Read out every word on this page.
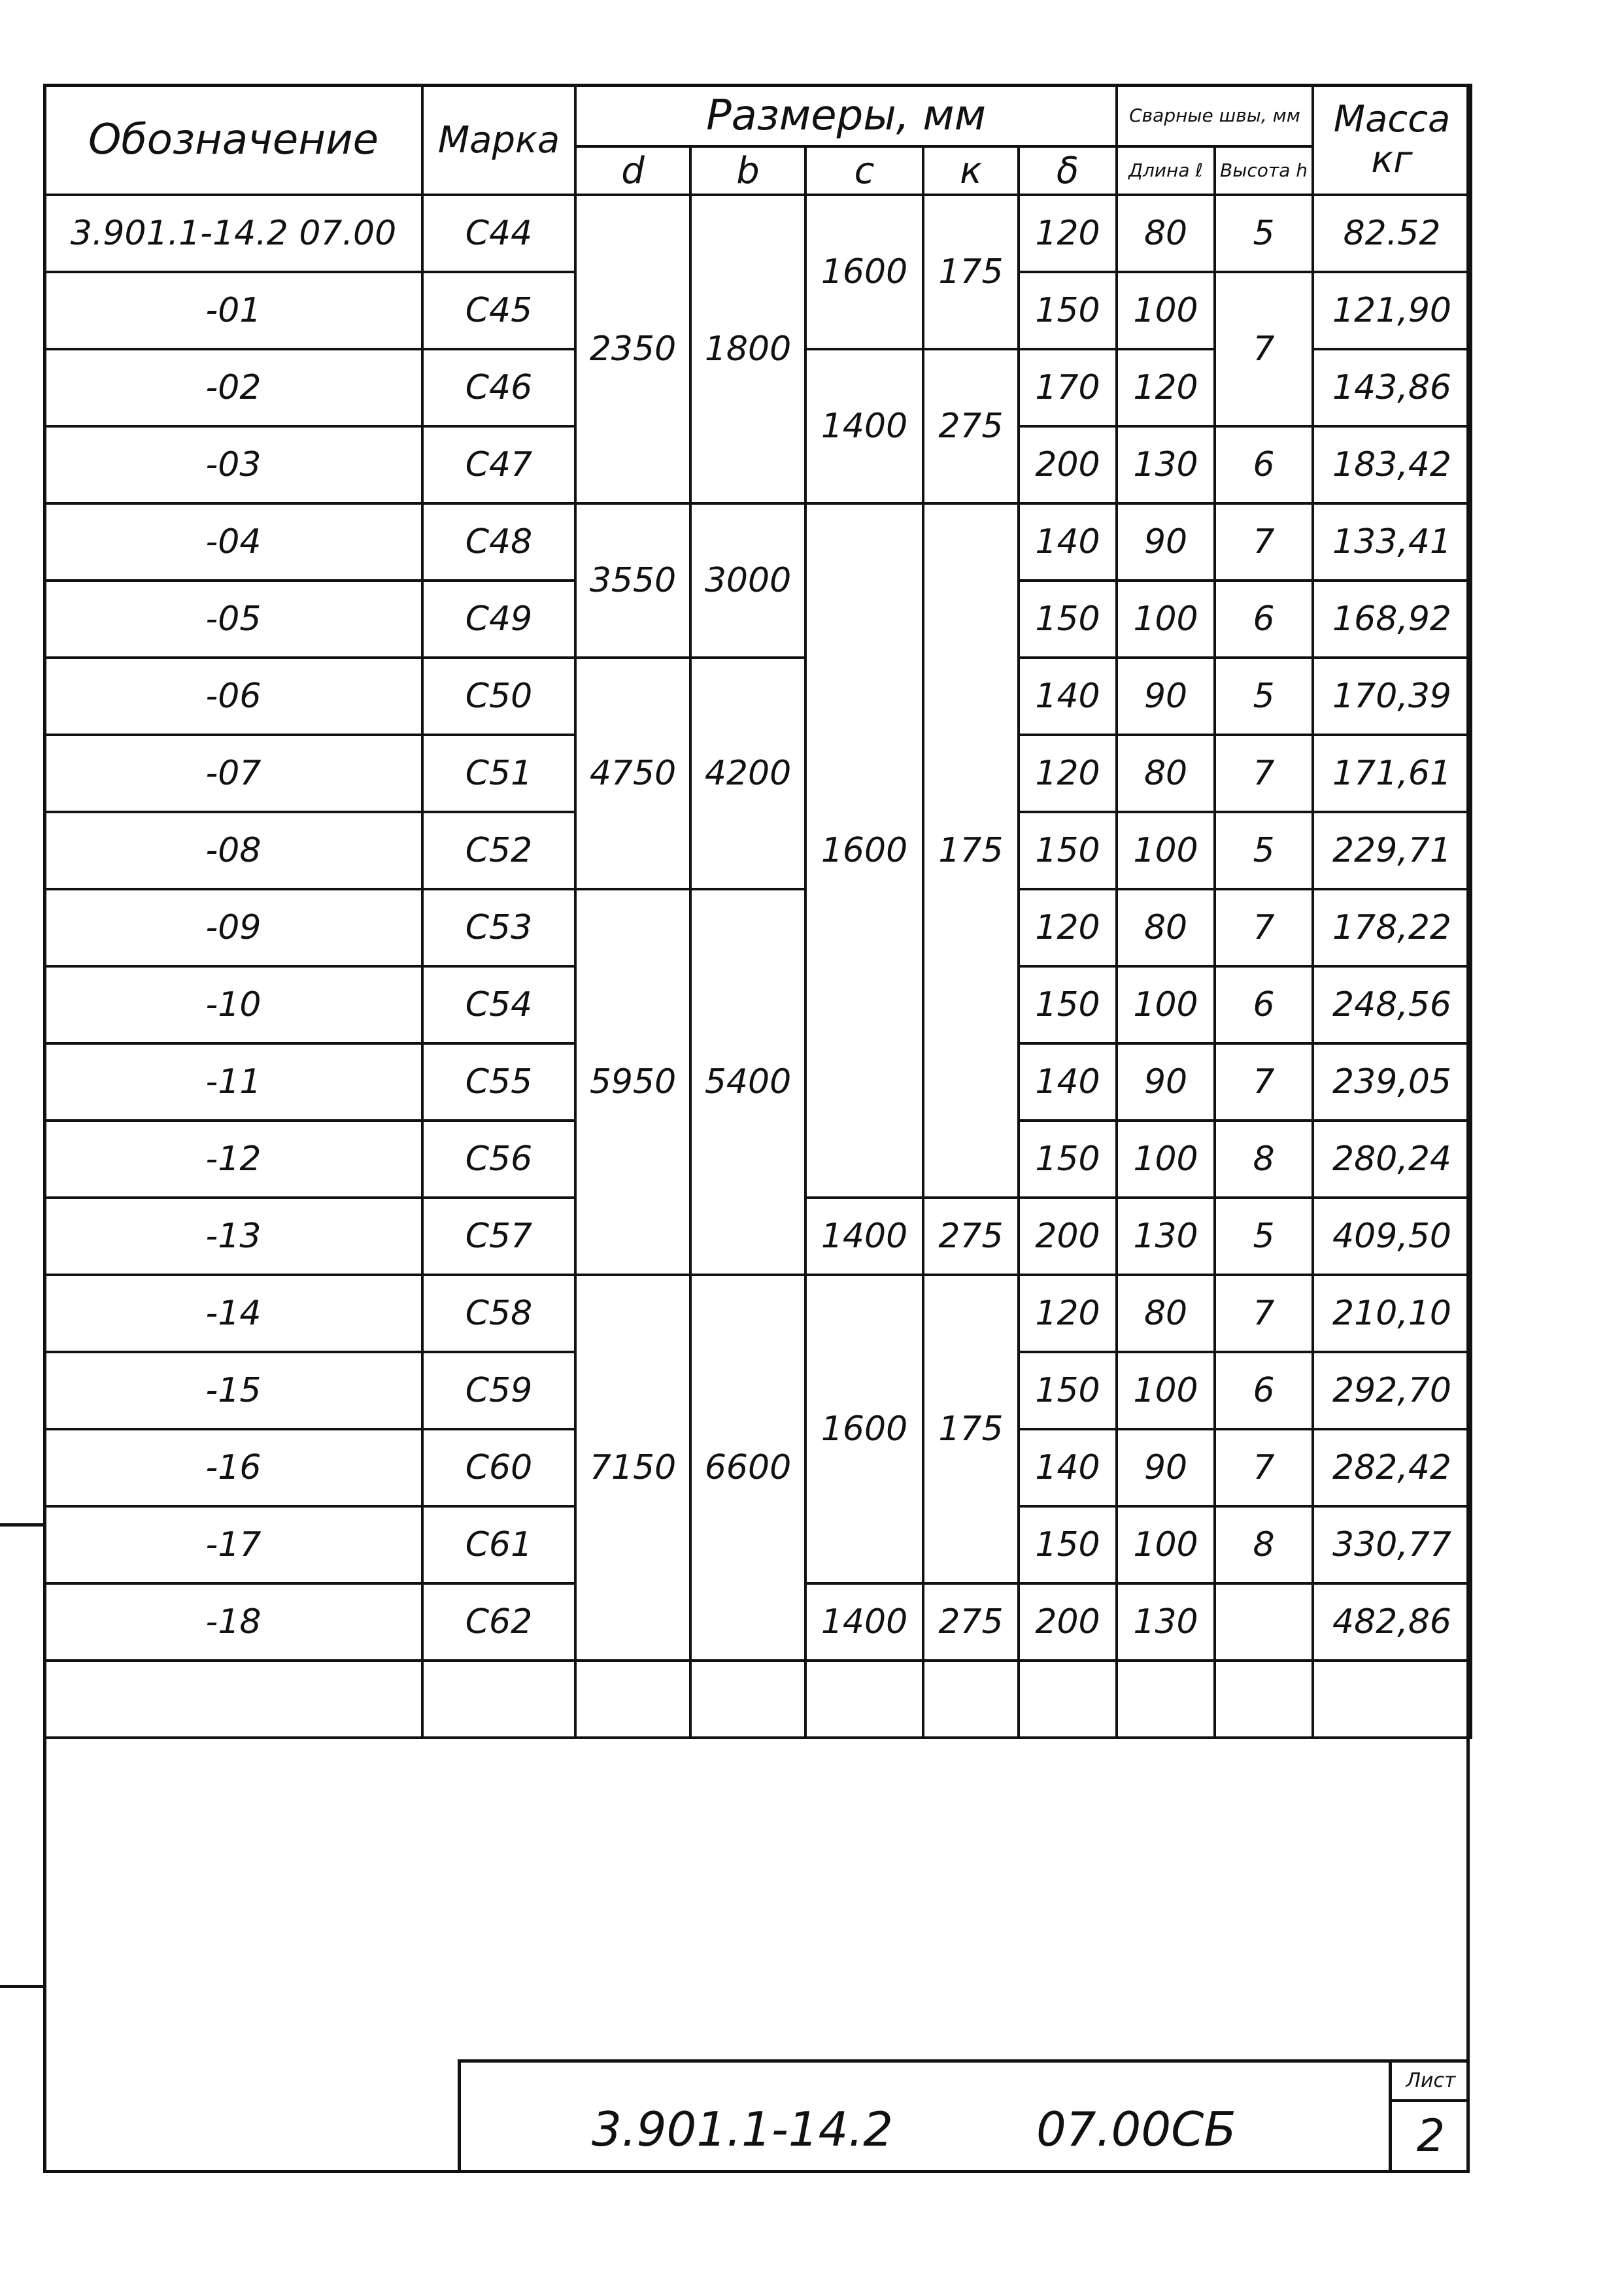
Обозначение	Марка	Размеры, мм					Сварные швы, мм		Масса кг
		d	b	c	к	δ	Длина ℓ	Высота h	
3.901.1-14.2 07.00	С44	2350	1800	1600	175	120	80	5	82.52
-01	С45					150	100	7	121,90
-02	С46			1400	275	170	120		143,86
-03	С47					200	130	6	183,42
-04	С48	3550	3000	1600	175	140	90	7	133,41
-05	С49					150	100	6	168,92
-06	С50	4750	4200			140	90	5	170,39
-07	С51					120	80	7	171,61
-08	С52					150	100	5	229,71
-09	С53	5950	5400			120	80	7	178,22
-10	С54					150	100	6	248,56
-11	С55					140	90	7	239,05
-12	С56					150	100	8	280,24
-13	С57			1400	275	200	130	5	409,50
-14	С58	7150	6600	1600	175	120	80	7	210,10
-15	С59					150	100	6	292,70
-16	С60					140	90	7	282,42
-17	С61					150	100	8	330,77
-18	С62			1400	275	200	130		482,86

3.901.1-14.2	07.00СБ
Лист
2
